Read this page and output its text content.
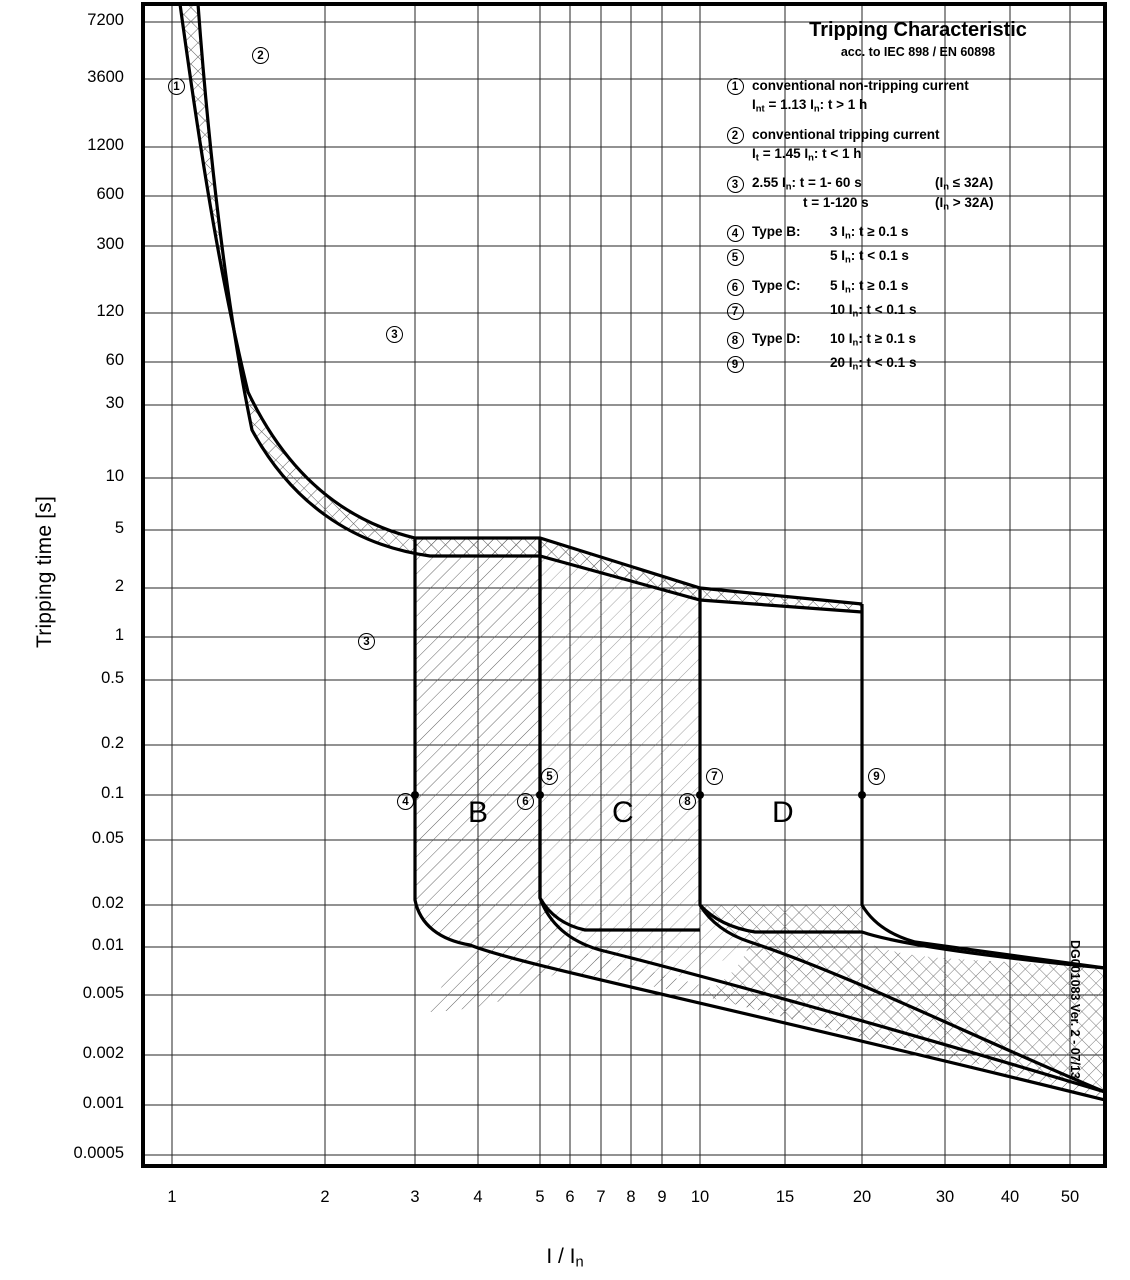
7200
3600
1200
600
300
120
60
30
10
5
2
1
0.5
0.2
0.1
0.05
0.02
0.01
0.005
0.002
0.001
0.0005
1	2	3	4	5	6	7	8	9	10	15	20	30	40	50
Tripping time [s]
I / $I_n$
1
2
3
3
4
5
6
7
8
9
B	C	D
Tripping Characteristic
acc. to IEC 898 / EN 60898
1	conventional non-tripping current
$I_{nt} = 1.13$ $I_n$: t > 1 h
2	conventional tripping current
$I_t = 1.45$ $I_n$: t < 1 h
3	2.55 $I_n$: t = 1- 60 s	$(I_n \le 32A)$
t = 1-120 s	$(I_n > 32A)$
4	Type B:	3 $I_n$: t ≥ 0.1 s
5	5 $I_n$: t < 0.1 s
6	Type C:	5 $I_n$: t ≥ 0.1 s
7	10 $I_n$: t < 0.1 s
8	Type D:	10 $I_n$: t ≥ 0.1 s
9	20 $I_n$: t < 0.1 s
DG001083 Ver. 2 - 07/13
